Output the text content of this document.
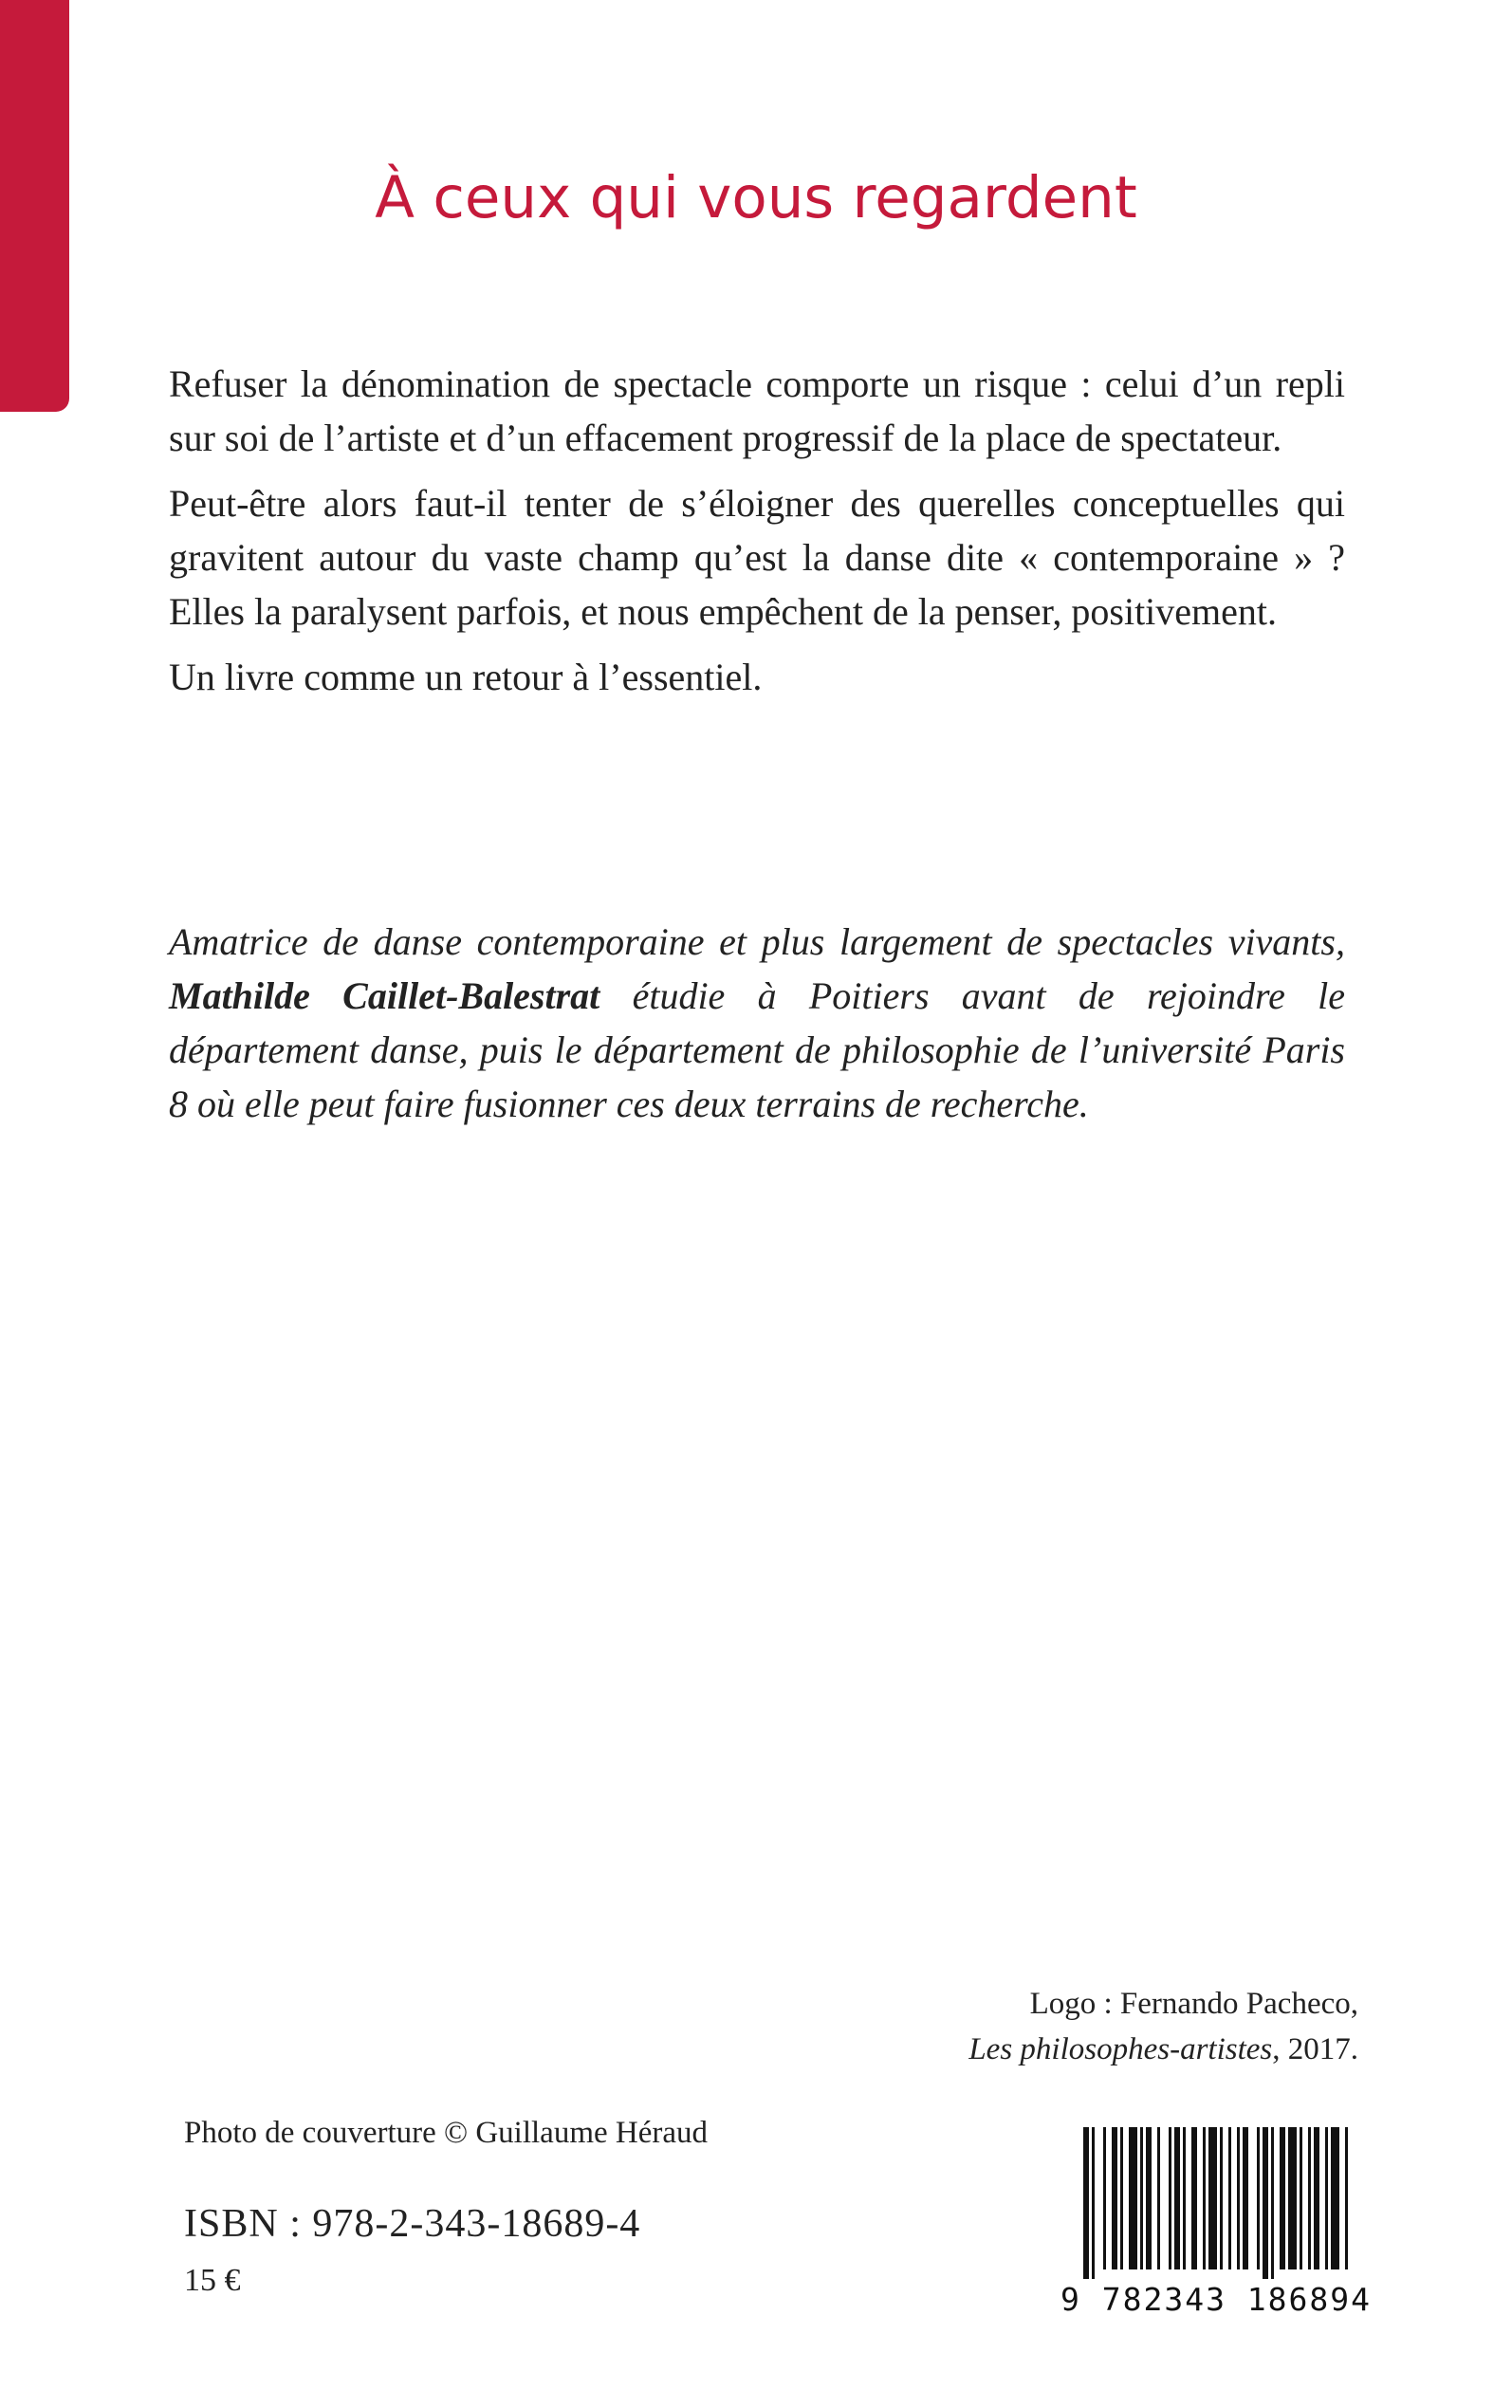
À ceux qui vous regardent

Refuser la dénomination de spectacle comporte un risque : celui d’un repli sur soi de l’artiste et d’un effacement progressif de la place de spectateur.

Peut-être alors faut-il tenter de s’éloigner des querelles conceptuelles qui gravitent autour du vaste champ qu’est la danse dite « contemporaine » ? Elles la paralysent parfois, et nous empêchent de la penser, positivement.

Un livre comme un retour à l’essentiel.

Amatrice de danse contemporaine et plus largement de spectacles vivants, Mathilde Caillet-Balestrat étudie à Poitiers avant de rejoindre le département danse, puis le département de philosophie de l’université Paris 8 où elle peut faire fusionner ces deux terrains de recherche.

Logo : Fernando Pacheco,
Les philosophes-artistes, 2017.
Photo de couverture © Guillaume Héraud
ISBN : 978-2-343-18689-4
15 €
9 782343 186894
